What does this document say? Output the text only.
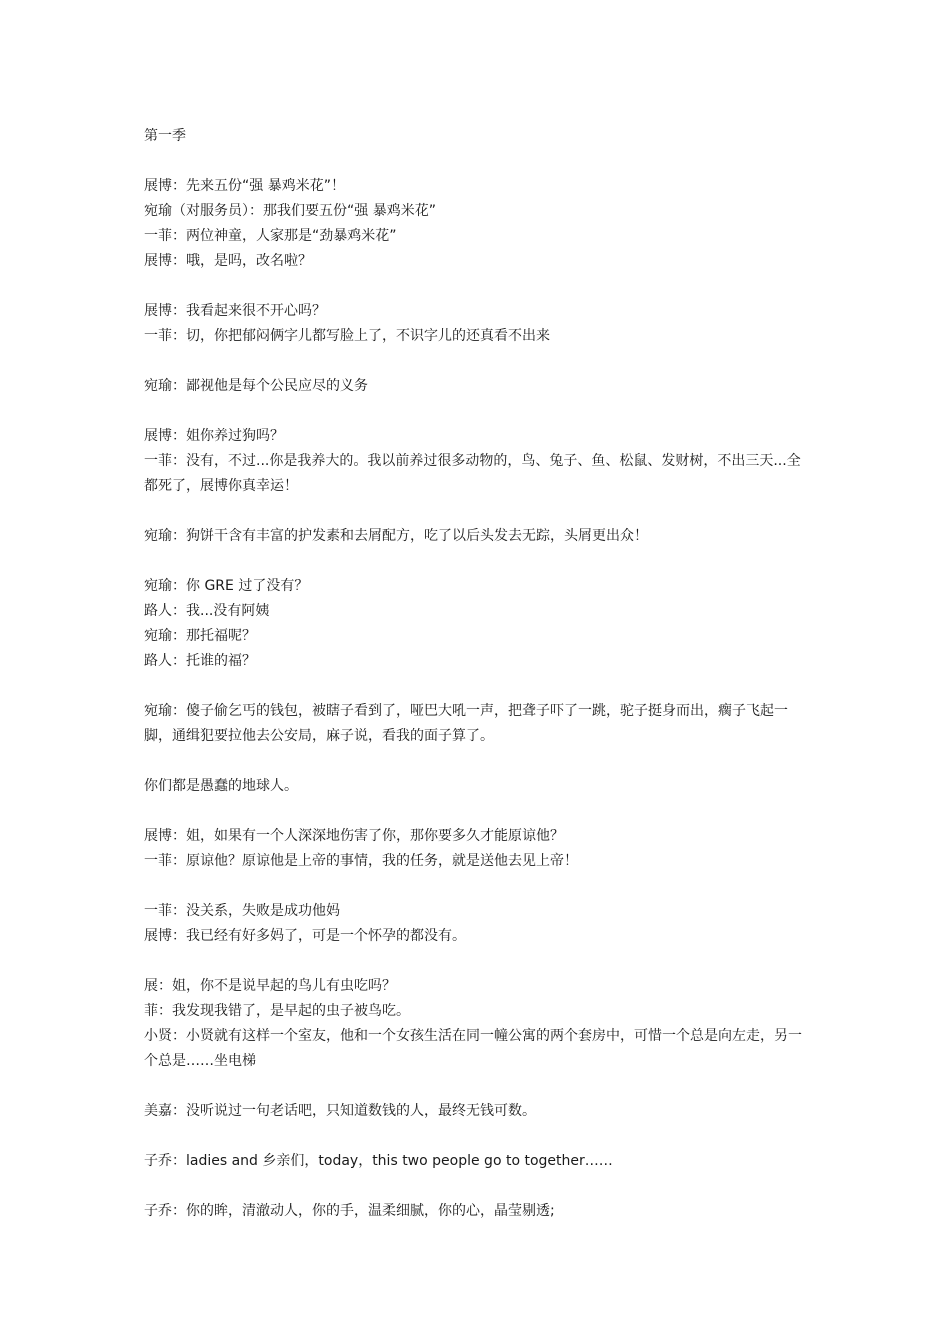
第一季
展博：先来五份“强 暴鸡米花”！
宛瑜（对服务员）：那我们要五份“强 暴鸡米花”
一菲：两位神童，人家那是“劲暴鸡米花”
展博：哦，是吗，改名啦？
展博：我看起来很不开心吗？
一菲：切，你把郁闷俩字儿都写脸上了，不识字儿的还真看不出来
宛瑜：鄙视他是每个公民应尽的义务
展博：姐你养过狗吗？
一菲：没有，不过...你是我养大的。我以前养过很多动物的，鸟、兔子、鱼、松鼠、发财树，不出三天...全都死了，展博你真幸运！
宛瑜：狗饼干含有丰富的护发素和去屑配方，吃了以后头发去无踪，头屑更出众！
宛瑜：你 GRE 过了没有？
路人：我...没有阿姨
宛瑜：那托福呢？
路人：托谁的福？
宛瑜：傻子偷乞丐的钱包，被瞎子看到了，哑巴大吼一声，把聋子吓了一跳，驼子挺身而出，瘸子飞起一脚，通缉犯要拉他去公安局，麻子说，看我的面子算了。
你们都是愚蠢的地球人。
展博：姐，如果有一个人深深地伤害了你，那你要多久才能原谅他？
一菲：原谅他？原谅他是上帝的事情，我的任务，就是送他去见上帝！
一菲：没关系，失败是成功他妈
展博：我已经有好多妈了，可是一个怀孕的都没有。
展：姐，你不是说早起的鸟儿有虫吃吗？
菲：我发现我错了，是早起的虫子被鸟吃。
小贤：小贤就有这样一个室友，他和一个女孩生活在同一幢公寓的两个套房中，可惜一个总是向左走，另一个总是……坐电梯
美嘉：没听说过一句老话吧，只知道数钱的人，最终无钱可数。
子乔：ladies and 乡亲们，today，this two people go to together……
子乔：你的眸，清澈动人，你的手，温柔细腻，你的心，晶莹剔透;
